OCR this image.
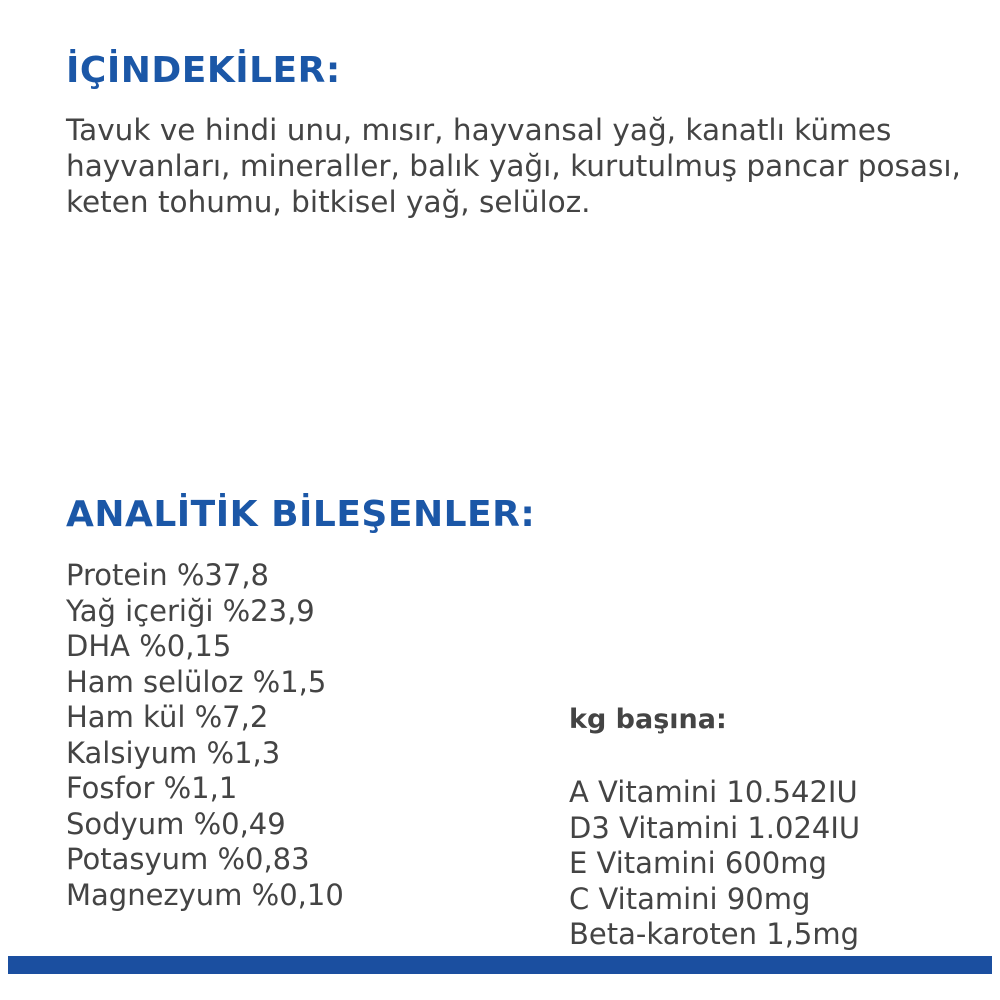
İÇİNDEKİLER:

Tavuk ve hindi unu, mısır, hayvansal yağ, kanatlı kümes hayvanları, mineraller, balık yağı, kurutulmuş pancar posası, keten tohumu, bitkisel yağ, selüloz.

ANALİTİK BİLEŞENLER:
Protein %37,8
Yağ içeriği %23,9
DHA %0,15
Ham selüloz %1,5
Ham kül %7,2
Kalsiyum %1,3
Fosfor %1,1
Sodyum %0,49
Potasyum %0,83
Magnezyum %0,10

kg başına:

A Vitamini 10.542IU
D3 Vitamini 1.024IU
E Vitamini 600mg
C Vitamini 90mg
Beta-karoten 1,5mg
